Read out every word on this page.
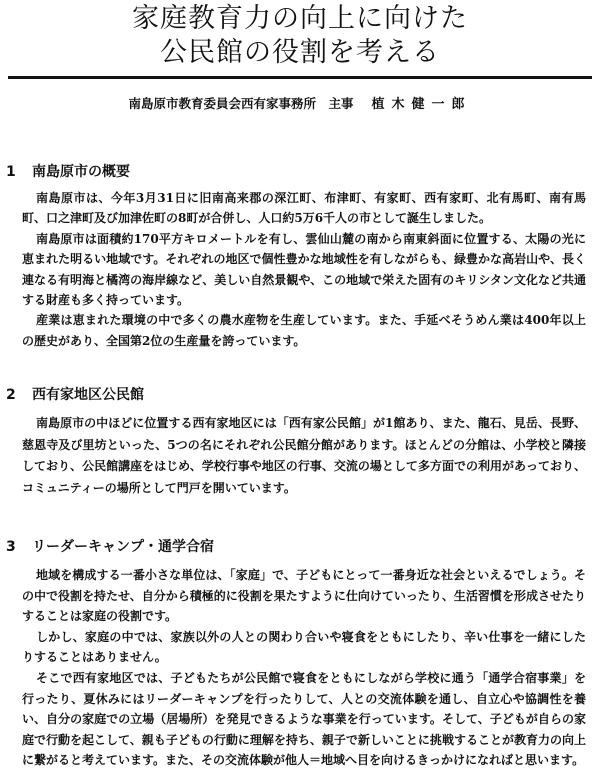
家庭教育力の向上に向けた
公民館の役割を考える
南島原市教育委員会西有家事務所　主事 植木健一郎
1 南島原市の概要

南島原市は、今年3月31日に旧南高来郡の深江町、布津町、有家町、西有家町、北有馬町、南有馬町、口之津町及び加津佐町の8町が合併し、人口約5万6千人の市として誕生しました。

南島原市は面積約170平方キロメートルを有し、雲仙山麓の南から南東斜面に位置する、太陽の光に恵まれた明るい地域です。それぞれの地区で個性豊かな地域性を有しながらも、緑豊かな高岩山や、長く連なる有明海と橘湾の海岸線など、美しい自然景観や、この地域で栄えた固有のキリシタン文化など共通する財産も多く持っています。

産業は恵まれた環境の中で多くの農水産物を生産しています。また、手延べそうめん業は400年以上の歴史があり、全国第2位の生産量を誇っています。

2 西有家地区公民館

南島原市の中ほどに位置する西有家地区には「西有家公民館」が1館あり、また、龍石、見岳、長野、慈恩寺及び里坊といった、5つの名にそれぞれ公民館分館があります。ほとんどの分館は、小学校と隣接しており、公民館講座をはじめ、学校行事や地区の行事、交流の場として多方面での利用があっており、コミュニティーの場所として門戸を開いています。

3 リーダーキャンプ・通学合宿

地域を構成する一番小さな単位は、「家庭」で、子どもにとって一番身近な社会といえるでしょう。その中で役割を持たせ、自分から積極的に役割を果たすように仕向けていったり、生活習慣を形成させたりすることは家庭の役割です。

しかし、家庭の中では、家族以外の人との関わり合いや寝食をともにしたり、辛い仕事を一緒にしたりすることはありません。

そこで西有家地区では、子どもたちが公民館で寝食をともにしながら学校に通う「通学合宿事業」を行ったり、夏休みにはリーダーキャンプを行ったりして、人との交流体験を通し、自立心や協調性を養い、自分の家庭での立場（居場所）を発見できるような事業を行っています。そして、子どもが自らの家庭で行動を起こして、親も子どもの行動に理解を持ち、親子で新しいことに挑戦することが教育力の向上に繋がると考えています。また、その交流体験が他人＝地域へ目を向けるきっかけになればと思います。
